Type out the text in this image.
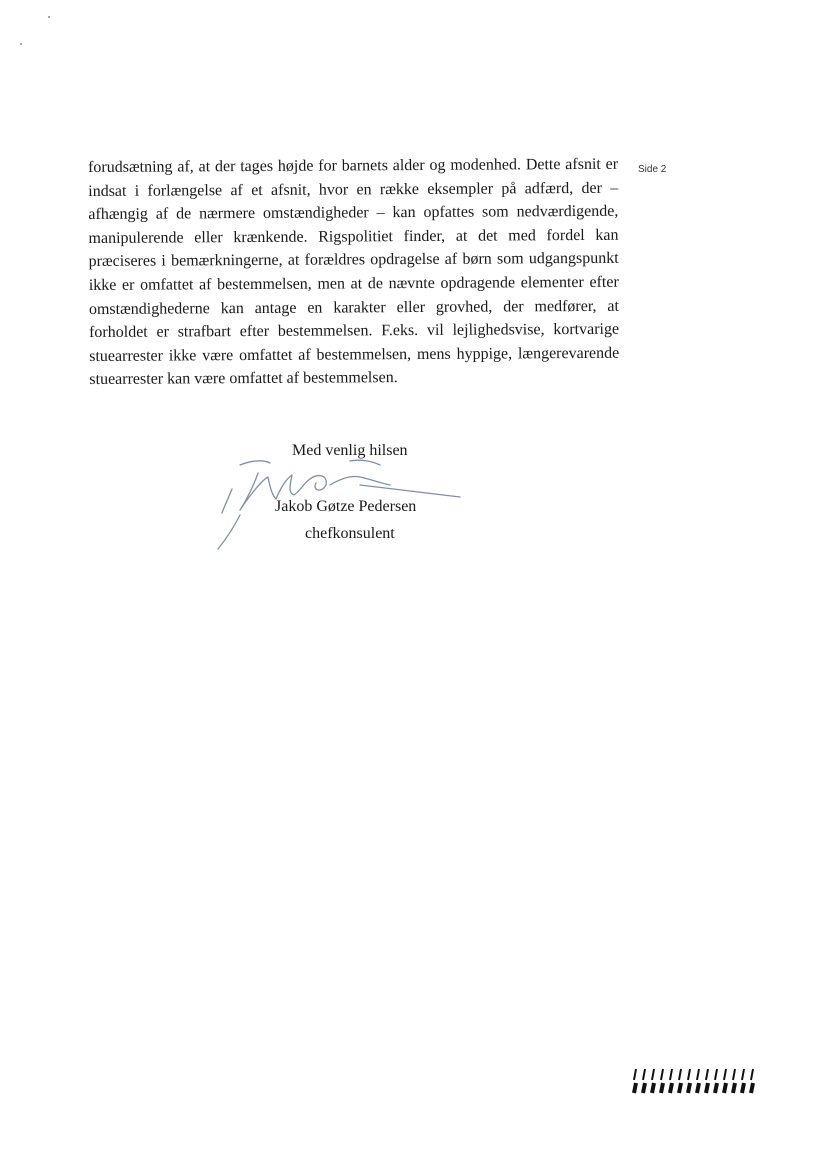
forudsætning af, at der tages højde for barnets alder og modenhed. Dette afsnit er
indsat i forlængelse af et afsnit, hvor en række eksempler på adfærd, der –
afhængig af de nærmere omstændigheder – kan opfattes som nedværdigende,
manipulerende eller krænkende. Rigspolitiet finder, at det med fordel kan
præciseres i bemærkningerne, at forældres opdragelse af børn som udgangspunkt
ikke er omfattet af bestemmelsen, men at de nævnte opdragende elementer efter
omstændighederne kan antage en karakter eller grovhed, der medfører, at
forholdet er strafbart efter bestemmelsen. F.eks. vil lejlighedsvise, kortvarige
stuearrester ikke være omfattet af bestemmelsen, mens hyppige, længerevarende
stuearrester kan være omfattet af bestemmelsen.
Side 2
Med venlig hilsen
Jakob Gøtze Pedersen
chefkonsulent
